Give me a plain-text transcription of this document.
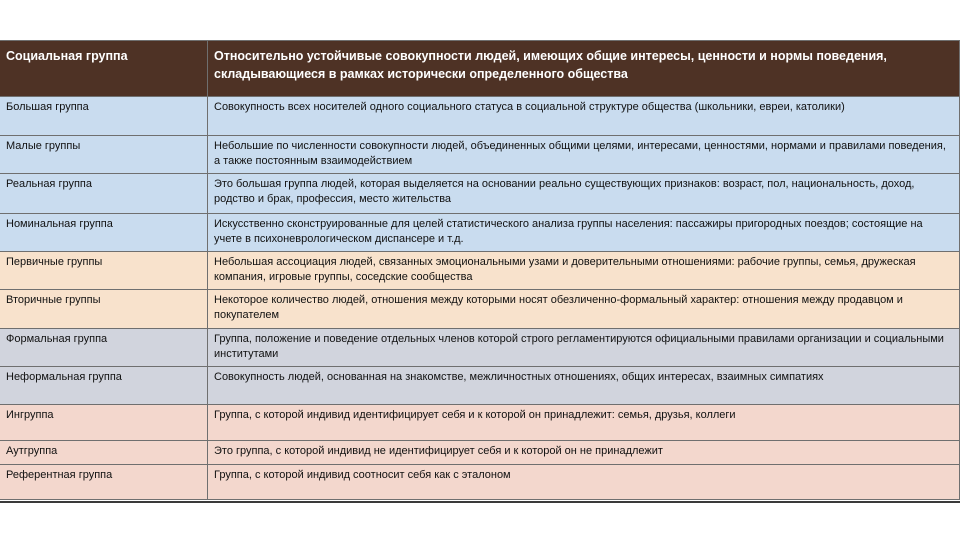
Социальная группа	Относительно устойчивые совокупности людей, имеющих общие интересы, ценности и нормы поведения, складывающиеся в рамках исторически определенного общества
Большая группа	Совокупность всех носителей одного социального статуса в социальной структуре общества (школьники, евреи, католики)
Малые группы	Небольшие по численности совокупности людей, объединенных общими целями, интересами, ценностями, нормами и правилами поведения, а также постоянным взаимодействием
Реальная группа	Это большая группа людей, которая выделяется на основании реально существующих признаков: возраст, пол, национальность, доход, родство и брак, профессия, место жительства
Номинальная группа	Искусственно сконструированные для целей статистического анализа группы населения: пассажиры пригородных поездов; состоящие на учете в психоневрологическом диспансере и т.д.
Первичные группы	Небольшая ассоциация людей, связанных эмоциональными узами и доверительными отношениями: рабочие группы, семья, дружеская компания, игровые группы, соседские сообщества
Вторичные группы	Некоторое количество людей, отношения между которыми носят обезличенно-формальный характер: отношения между продавцом и покупателем
Формальная группа	Группа, положение и поведение отдельных членов которой строго регламентируются официальными правилами организации и социальными институтами
Неформальная группа	Совокупность людей, основанная на знакомстве, межличностных отношениях, общих интересах, взаимных симпатиях
Ингруппа	Группа, с которой индивид идентифицирует себя и к которой он принадлежит: семья, друзья, коллеги
Аутгруппа	Это группа, с которой индивид не идентифицирует себя и к которой он не принадлежит
Референтная группа	Группа, с которой индивид соотносит себя как с эталоном
